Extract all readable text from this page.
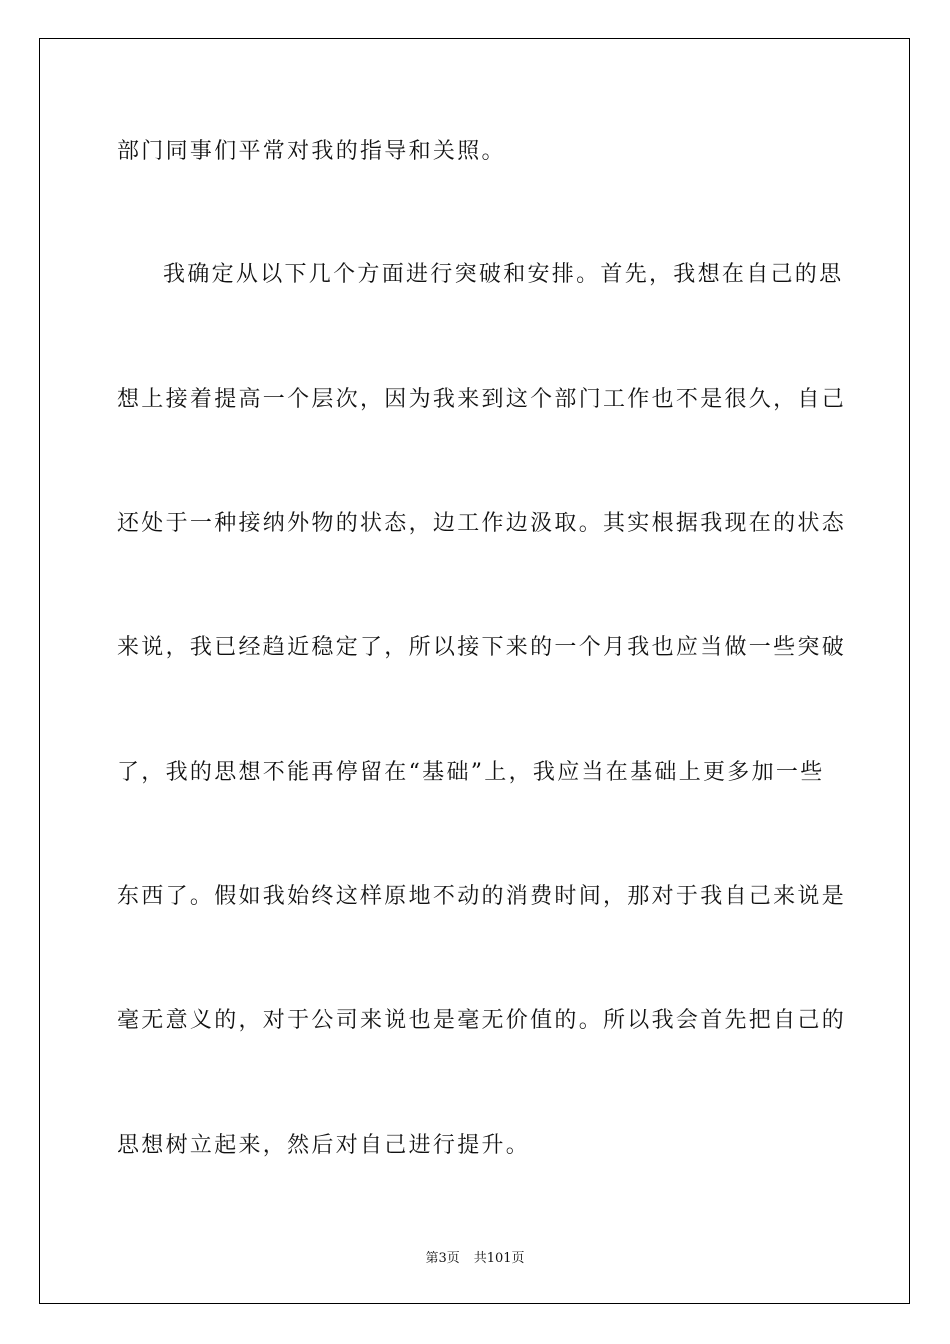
部门同事们平常对我的指导和关照。
我确定从以下几个方面进行突破和安排。首先，我想在自己的思
想上接着提高一个层次，因为我来到这个部门工作也不是很久，自己
还处于一种接纳外物的状态，边工作边汲取。其实根据我现在的状态
来说，我已经趋近稳定了，所以接下来的一个月我也应当做一些突破
了，我的思想不能再停留在“基础”上，我应当在基础上更多加一些
东西了。假如我始终这样原地不动的消费时间，那对于我自己来说是
毫无意义的，对于公司来说也是毫无价值的。所以我会首先把自己的
思想树立起来，然后对自己进行提升。
第3页 共101页
